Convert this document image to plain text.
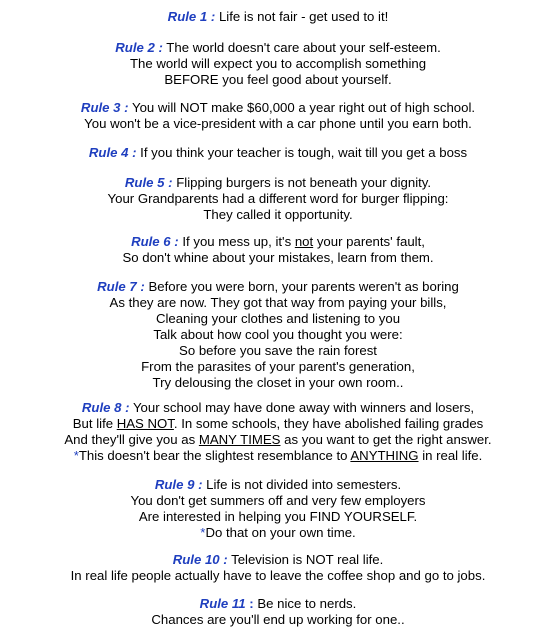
Rule 1 : Life is not fair - get used to it!
Rule 2 : The world doesn't care about your self-esteem.
The world will expect you to accomplish something
BEFORE you feel good about yourself.
Rule 3 : You will NOT make $60,000 a year right out of high school.
You won't be a vice-president with a car phone until you earn both.
Rule 4 : If you think your teacher is tough, wait till you get a boss
Rule 5 : Flipping burgers is not beneath your dignity.
Your Grandparents had a different word for burger flipping:
They called it opportunity.
Rule 6 : If you mess up, it's not your parents' fault,
So don't whine about your mistakes, learn from them.
Rule 7 : Before you were born, your parents weren't as boring
As they are now. They got that way from paying your bills,
Cleaning your clothes and listening to you
Talk about how cool you thought you were:
So before you save the rain forest
From the parasites of your parent's generation,
Try delousing the closet in your own room..
Rule 8 : Your school may have done away with winners and losers,
But life HAS NOT. In some schools, they have abolished failing grades
And they'll give you as MANY TIMES as you want to get the right answer.
*This doesn't bear the slightest resemblance to ANYTHING in real life.
Rule 9 : Life is not divided into semesters.
You don't get summers off and very few employers
Are interested in helping you FIND YOURSELF.
*Do that on your own time.
Rule 10 : Television is NOT real life.
In real life people actually have to leave the coffee shop and go to jobs.
Rule 11 : Be nice to nerds.
Chances are you'll end up working for one..
